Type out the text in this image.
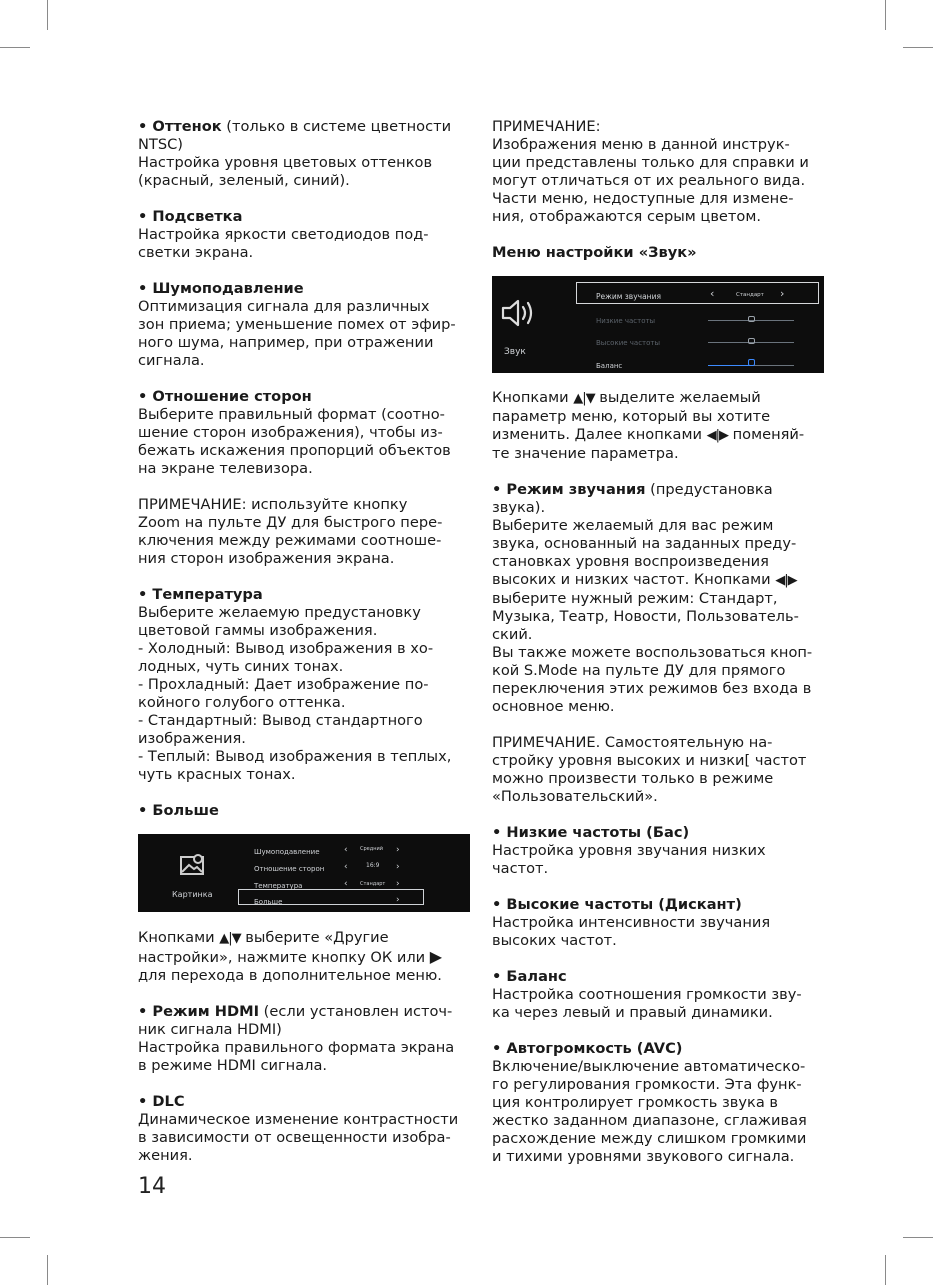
• Оттенок (только в системе цветности NTSC)
Настройка уровня цветовых оттенков (красный, зеленый, синий).

• Подсветка
Настройка яркости светодиодов под-
светки экрана.

• Шумоподавление
Оптимизация сигнала для различных
зон приема; уменьшение помех от эфир-
ного шума, например, при отражении
сигнала.

• Отношение сторон
Выберите правильный формат (соотно-
шение сторон изображения), чтобы из-
бежать искажения пропорций объектов
на экране телевизора.

ПРИМЕЧАНИЕ: используйте кнопку
Zoom на пульте ДУ для быстрого пере-
ключения между режимами соотноше-
ния сторон изображения экрана.

• Температура
Выберите желаемую предустановку
цветовой гаммы изображения.
- Холодный: Вывод изображения в хо-
лодных, чуть синих тонах.
- Прохладный: Дает изображение по-
койного голубого оттенка.
- Стандартный: Вывод стандартного
изображения.
- Теплый: Вывод изображения в теплых,
чуть красных тонах.

• Больше

Картинка
Шумоподавление	‹ Средний ›
Отношение сторон ‹	16:9 ›
Температура	‹ Стандарт ›
Больше	›

Кнопками ▲|▼ выберите «Другие
настройки», нажмите кнопку ОК или ▶
для перехода в дополнительное меню.

• Режим HDMI (если установлен источ-
ник сигнала HDMI)
Настройка правильного формата экрана
в режиме HDMI сигнала.

• DLC
Динамическое изменение контрастности
в зависимости от освещенности изобра-
жения.

ПРИМЕЧАНИЕ:
Изображения меню в данной инструк-
ции представлены только для справки и
могут отличаться от их реального вида.
Части меню, недоступные для измене-
ния, отображаются серым цветом.

Меню настройки «Звук»

Звук
Режим звучания	‹	Стандарт ›
Низкие частоты
Высокие частоты
Баланс

Кнопками ▲|▼ выделите желаемый
параметр меню, который вы хотите
изменить. Далее кнопками ◀|▶ поменяй-
те значение параметра.

• Режим звучания (предустановка звука).
Выберите желаемый для вас режим
звука, основанный на заданных преду-
становках уровня воспроизведения
высоких и низких частот. Кнопками ◀|▶
выберите нужный режим: Стандарт,
Музыка, Театр, Новости, Пользователь-
ский.
Вы также можете воспользоваться кноп-
кой S.Mode на пульте ДУ для прямого
переключения этих режимов без входа в
основное меню.

ПРИМЕЧАНИЕ. Самостоятельную на-
стройку уровня высоких и низки[ частот
можно произвести только в режиме
«Пользовательский».

• Низкие частоты (Бас)
Настройка уровня звучания низких
частот.

• Высокие частоты (Дискант)
Настройка интенсивности звучания
высоких частот.

• Баланс
Настройка соотношения громкости зву-
ка через левый и правый динамики.

• Автогромкость (AVC)
Включение/выключение автоматическо-
го регулирования громкости. Эта функ-
ция контролирует громкость звука в
жестко заданном диапазоне, сглаживая
расхождение между слишком громкими
и тихими уровнями звукового сигнала.

14
